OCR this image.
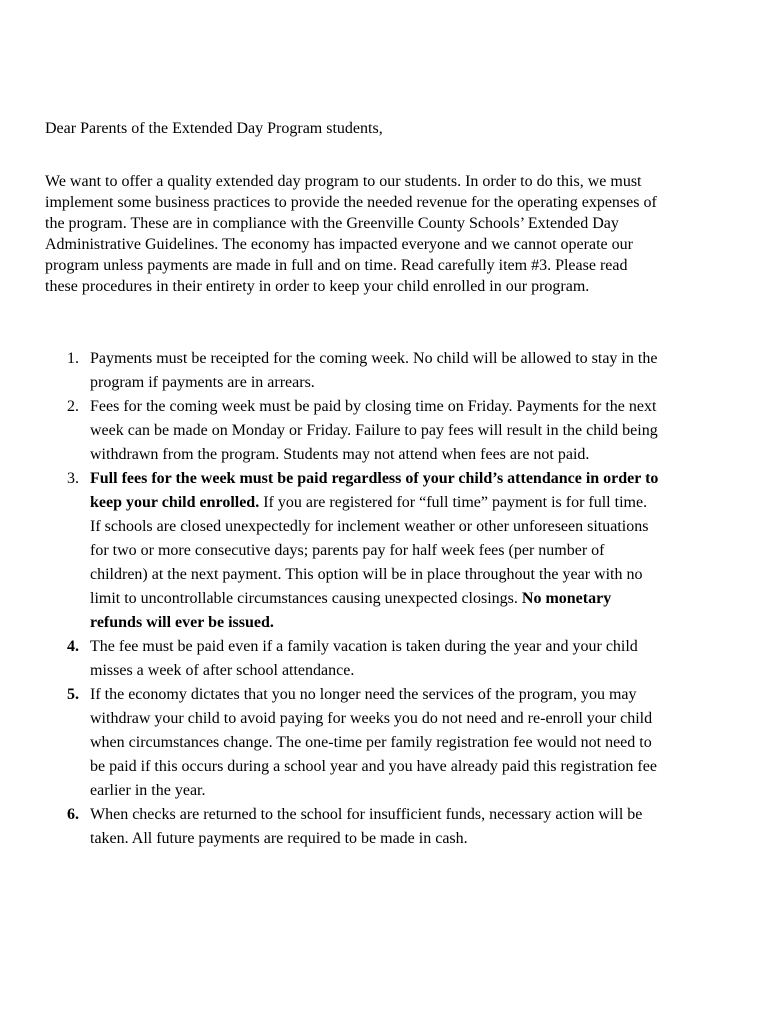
Dear Parents of the Extended Day Program students,

We want to offer a quality extended day program to our students. In order to do this, we must
implement some business practices to provide the needed revenue for the operating expenses of
the program. These are in compliance with the Greenville County Schools’ Extended Day
Administrative Guidelines. The economy has impacted everyone and we cannot operate our
program unless payments are made in full and on time. Read carefully item #3. Please read
these procedures in their entirety in order to keep your child enrolled in our program.

1. Payments must be receipted for the coming week. No child will be allowed to stay in the
program if payments are in arrears.
2. Fees for the coming week must be paid by closing time on Friday. Payments for the next
week can be made on Monday or Friday. Failure to pay fees will result in the child being
withdrawn from the program. Students may not attend when fees are not paid.
3. Full fees for the week must be paid regardless of your child’s attendance in order to
keep your child enrolled. If you are registered for “full time” payment is for full time.
If schools are closed unexpectedly for inclement weather or other unforeseen situations
for two or more consecutive days; parents pay for half week fees (per number of
children) at the next payment. This option will be in place throughout the year with no
limit to uncontrollable circumstances causing unexpected closings. No monetary
refunds will ever be issued.
4. The fee must be paid even if a family vacation is taken during the year and your child
misses a week of after school attendance.
5. If the economy dictates that you no longer need the services of the program, you may
withdraw your child to avoid paying for weeks you do not need and re-enroll your child
when circumstances change. The one-time per family registration fee would not need to
be paid if this occurs during a school year and you have already paid this registration fee
earlier in the year.
6. When checks are returned to the school for insufficient funds, necessary action will be
taken. All future payments are required to be made in cash.
